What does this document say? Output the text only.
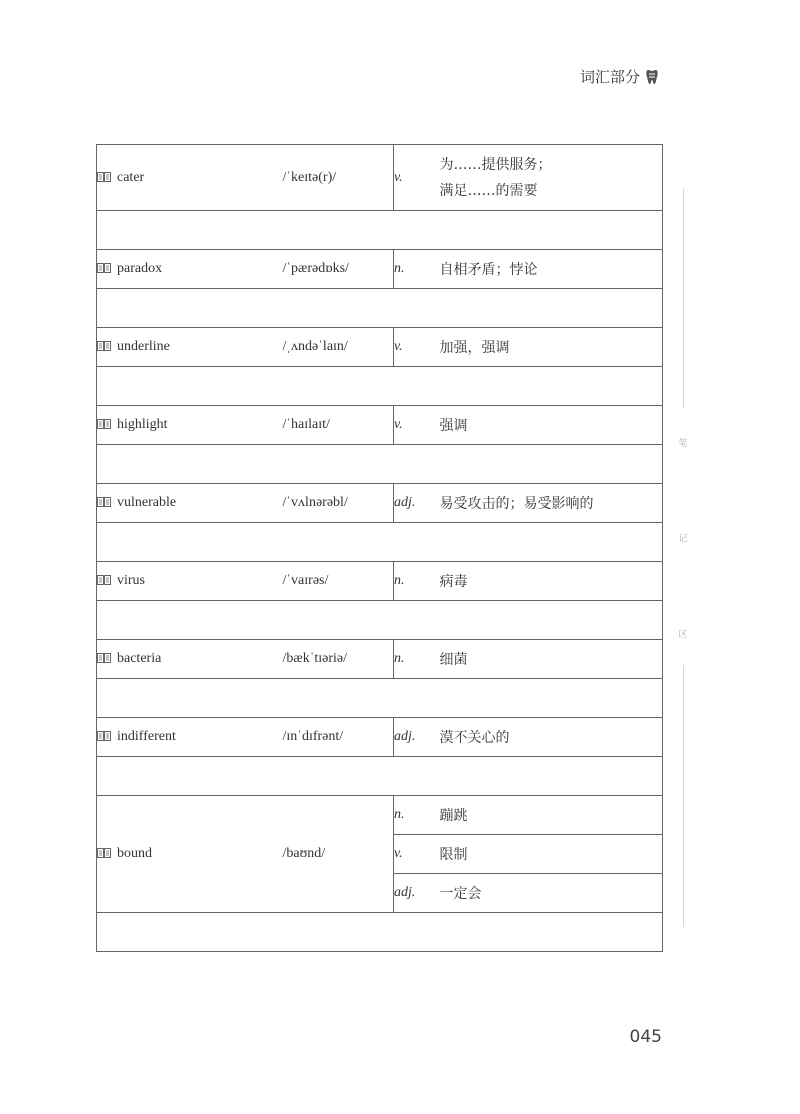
词汇部分
cater	/ˈkeɪtə(r)/	v.	为……提供服务；
满足……的需要

paradox	/ˈpærədɒks/	n.	自相矛盾；悖论

underline	/ˌʌndəˈlaɪn/	v.	加强，强调

highlight	/ˈhaɪlaɪt/	v.	强调

vulnerable	/ˈvʌlnərəbl/	adj.	易受攻击的；易受影响的

virus	/ˈvaɪrəs/	n.	病毒

bacteria	/bækˈtɪəriə/	n.	细菌

indifferent	/ɪnˈdɪfrənt/	adj.	漠不关心的

bound	/baʊnd/	n.	蹦跳
		v.	限制
		adj.	一定会

笔
记
区
045
